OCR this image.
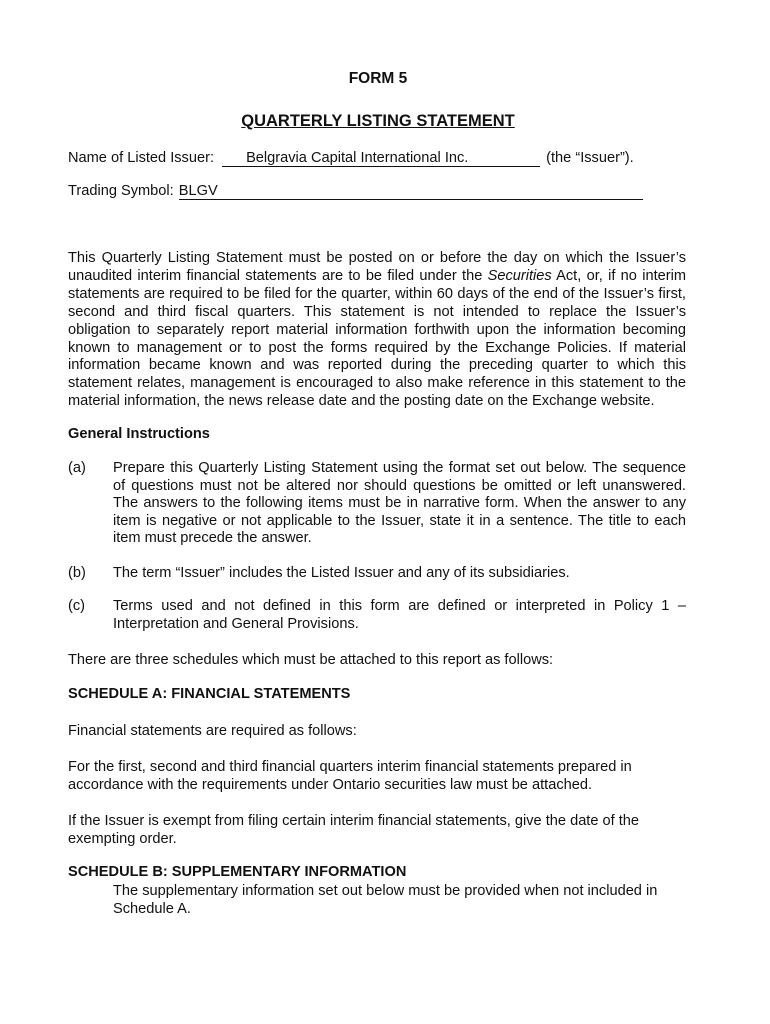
FORM 5

QUARTERLY LISTING STATEMENT

Name of Listed Issuer: Belgravia Capital International Inc.	(the “Issuer”).
Trading Symbol: BLGV

This Quarterly Listing Statement must be posted on or before the day on which the Issuer’s unaudited interim financial statements are to be filed under the Securities Act, or, if no interim statements are required to be filed for the quarter, within 60 days of the end of the Issuer’s first, second and third fiscal quarters. This statement is not intended to replace the Issuer’s obligation to separately report material information forthwith upon the information becoming known to management or to post the forms required by the Exchange Policies. If material information became known and was reported during the preceding quarter to which this statement relates, management is encouraged to also make reference in this statement to the material information, the news release date and the posting date on the Exchange website.

General Instructions

(a) Prepare this Quarterly Listing Statement using the format set out below. The sequence of questions must not be altered nor should questions be omitted or left unanswered. The answers to the following items must be in narrative form. When the answer to any item is negative or not applicable to the Issuer, state it in a sentence. The title to each item must precede the answer.

(b) The term “Issuer” includes the Listed Issuer and any of its subsidiaries.

(c) Terms used and not defined in this form are defined or interpreted in Policy 1 – Interpretation and General Provisions.

There are three schedules which must be attached to this report as follows:

SCHEDULE A: FINANCIAL STATEMENTS

Financial statements are required as follows:

For the first, second and third financial quarters interim financial statements prepared in accordance with the requirements under Ontario securities law must be attached.

If the Issuer is exempt from filing certain interim financial statements, give the date of the exempting order.

SCHEDULE B: SUPPLEMENTARY INFORMATION

The supplementary information set out below must be provided when not included in Schedule A.
